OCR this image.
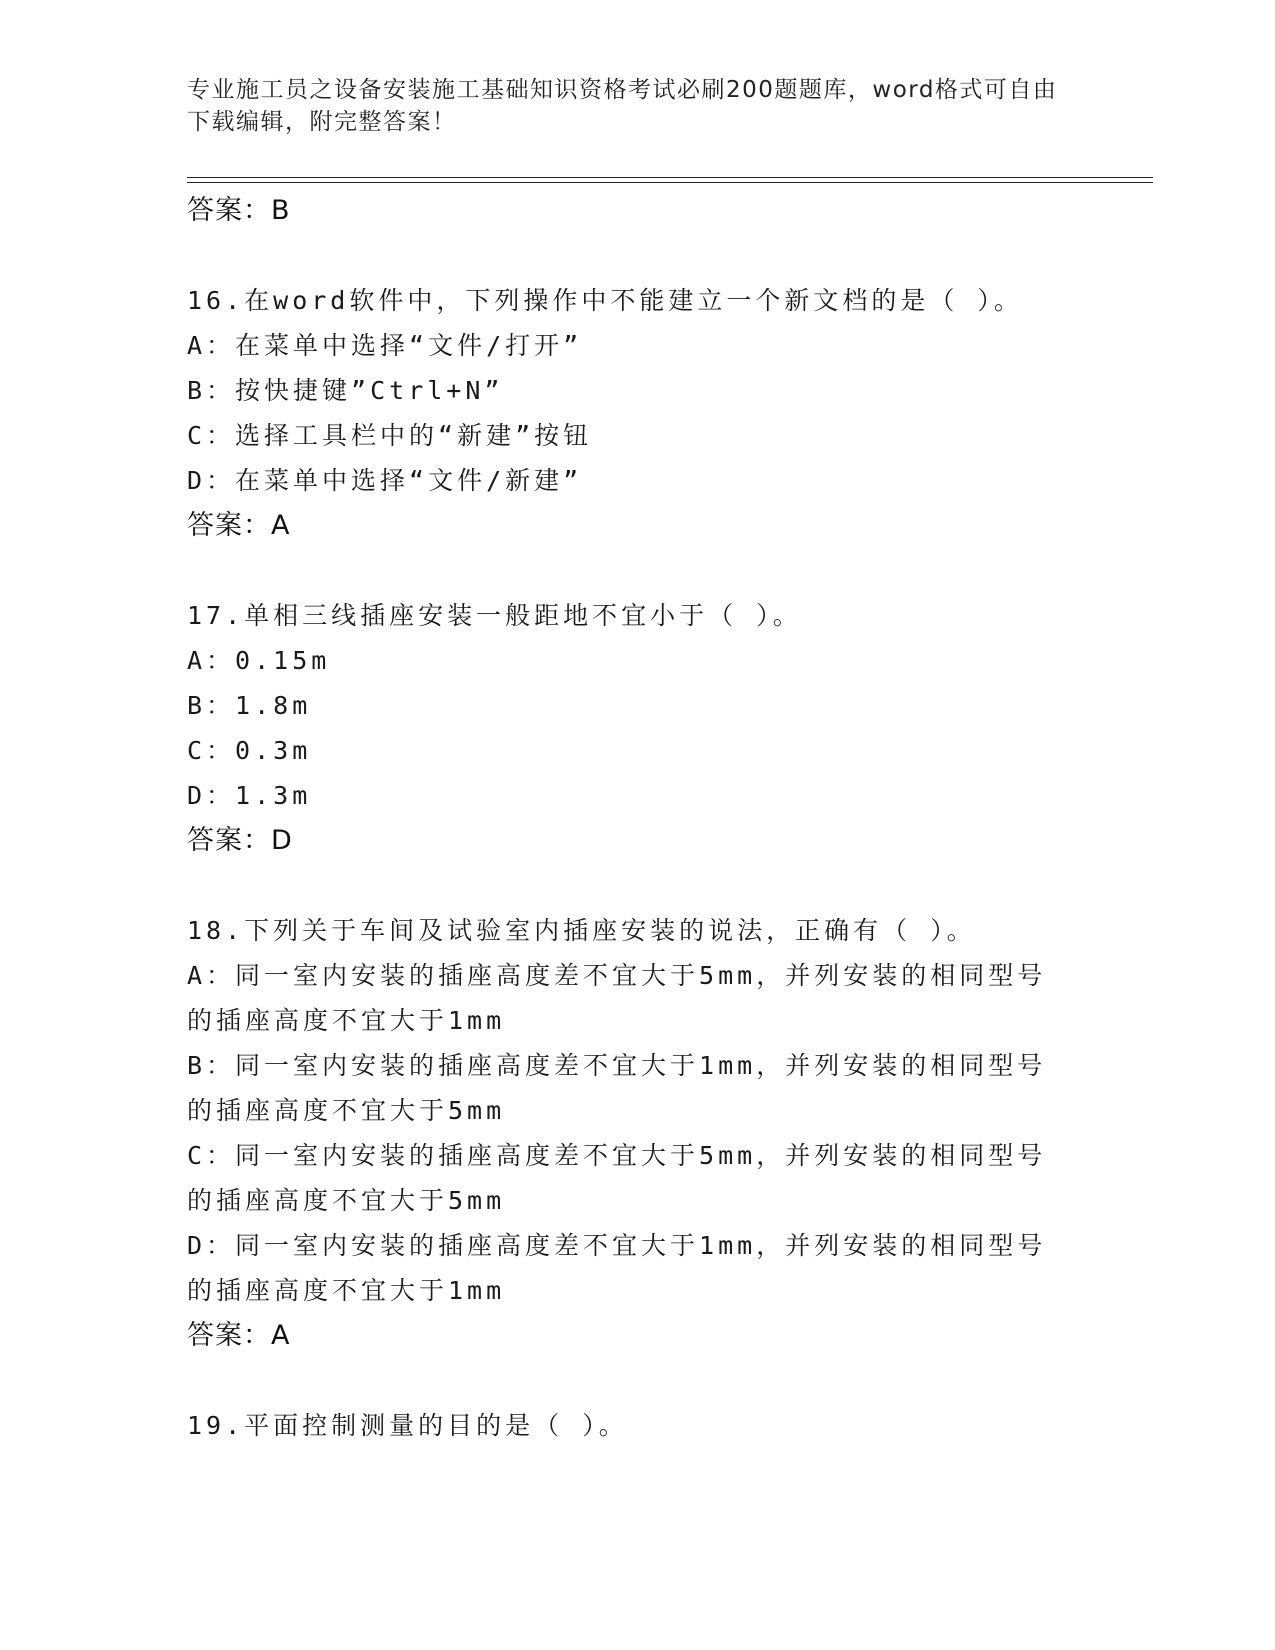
专业施工员之设备安装施工基础知识资格考试必刷200题题库，word格式可自由下载编辑，附完整答案！
答案：B
16.在word软件中，下列操作中不能建立一个新文档的是（ ）。
A：在菜单中选择“文件/打开”
B：按快捷键”Ctrl+N”
C：选择工具栏中的“新建”按钮
D：在菜单中选择“文件/新建”
答案：A
17.单相三线插座安装一般距地不宜小于（ ）。
A：0.15m
B：1.8m
C：0.3m
D：1.3m
答案：D
18.下列关于车间及试验室内插座安装的说法，正确有（ ）。
A：同一室内安装的插座高度差不宜大于5mm，并列安装的相同型号的插座高度不宜大于1mm
B：同一室内安装的插座高度差不宜大于1mm，并列安装的相同型号的插座高度不宜大于5mm
C：同一室内安装的插座高度差不宜大于5mm，并列安装的相同型号的插座高度不宜大于5mm
D：同一室内安装的插座高度差不宜大于1mm，并列安装的相同型号的插座高度不宜大于1mm
答案：A
19.平面控制测量的目的是（ ）。
